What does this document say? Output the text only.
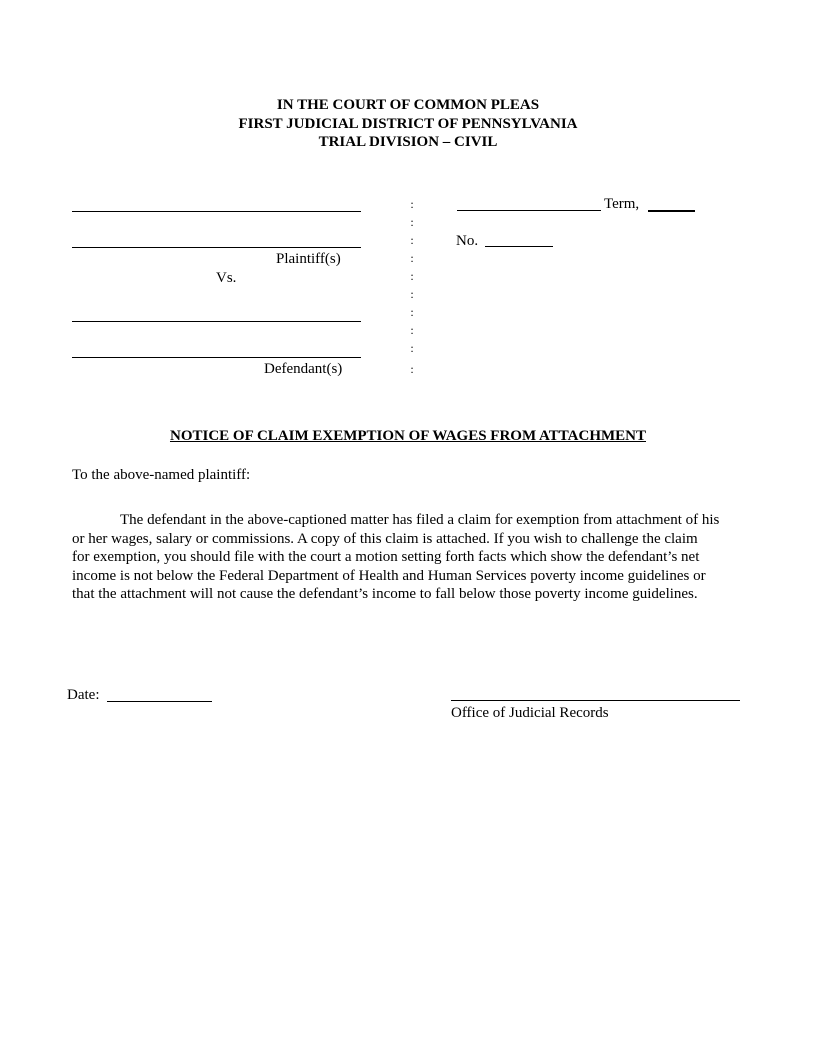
IN THE COURT OF COMMON PLEAS
FIRST JUDICIAL DISTRICT OF PENNSYLVANIA
TRIAL DIVISION – CIVIL
Plaintiff(s)
Vs.
Defendant(s)
:
:
:
:
:
:
:
:
:
:
Term,
No.
NOTICE OF CLAIM EXEMPTION OF WAGES FROM ATTACHMENT
To the above-named plaintiff:

The defendant in the above-captioned matter has filed a claim for exemption from attachment of his

or her wages, salary or commissions. A copy of this claim is attached. If you wish to challenge the claim

for exemption, you should file with the court a motion setting forth facts which show the defendant’s net

income is not below the Federal Department of Health and Human Services poverty income guidelines or

that the attachment will not cause the defendant’s income to fall below those poverty income guidelines.

Date:
Office of Judicial Records
